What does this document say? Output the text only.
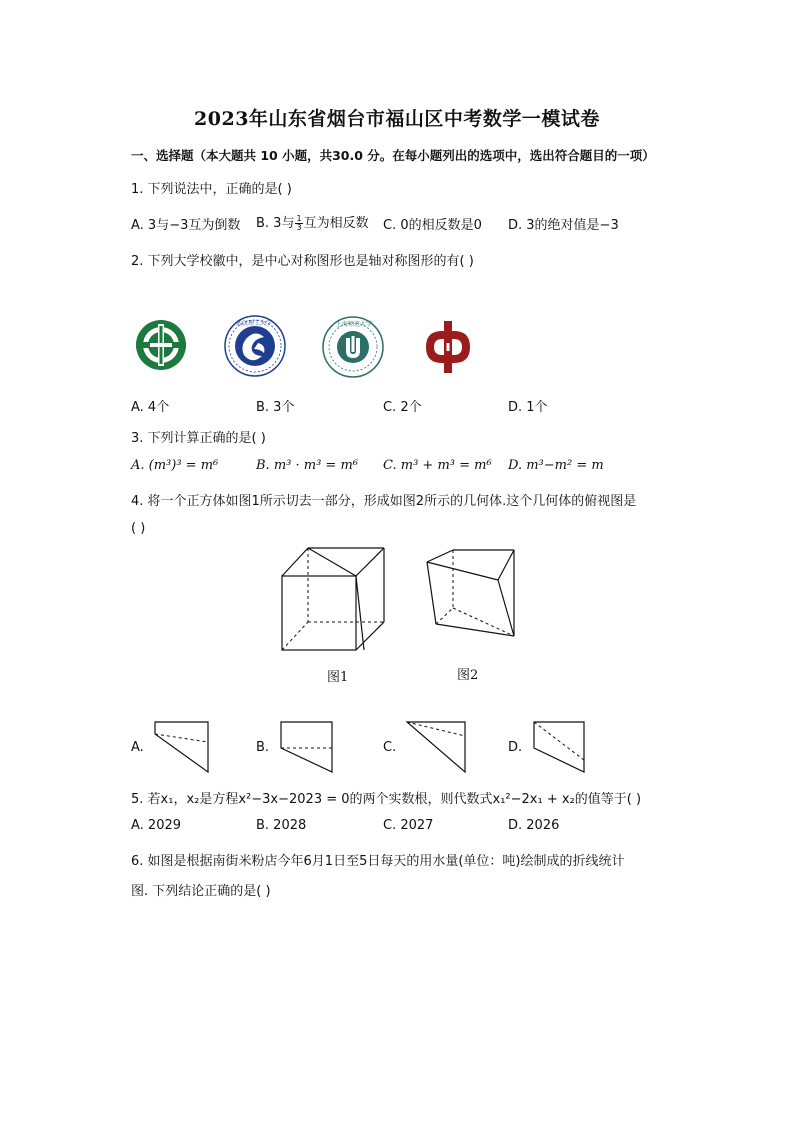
2023年山东省烟台市福山区中考数学一模试卷
一、选择题（本大题共 10 小题，共30.0 分。在每小题列出的选项中，选出符合题目的一项）
1. 下列说法中，正确的是( )
A. 3与−3互为倒数 B. 3与 $\frac{1}{3}$ 互为相反数 C. 0的相反数是0 D. 3的绝对值是−3
2. 下列大学校徽中，是中心对称图形也是轴对称图形的有( )
武汉理工大学	上海师范大学
A. 4个	B. 3个	C. 2个	D. 1个
3. 下列计算正确的是( )
A. (m³)³ = m⁶	B. m³ · m³ = m⁶ C. m³ + m³ = m⁶ D. m³−m² = m
4. 将一个正方体如图1所示切去一部分，形成如图2所示的几何体.这个几何体的俯视图是
( )
图1	图2
A.	B.	C.	D.
5. 若x₁，x₂是方程x²−3x−2023 = 0的两个实数根，则代数式x₁²−2x₁ + x₂的值等于( )
A. 2029	B. 2028	C. 2027	D. 2026
6. 如图是根据南街米粉店今年6月1日至5日每天的用水量(单位：吨)绘制成的折线统计
图. 下列结论正确的是( )
